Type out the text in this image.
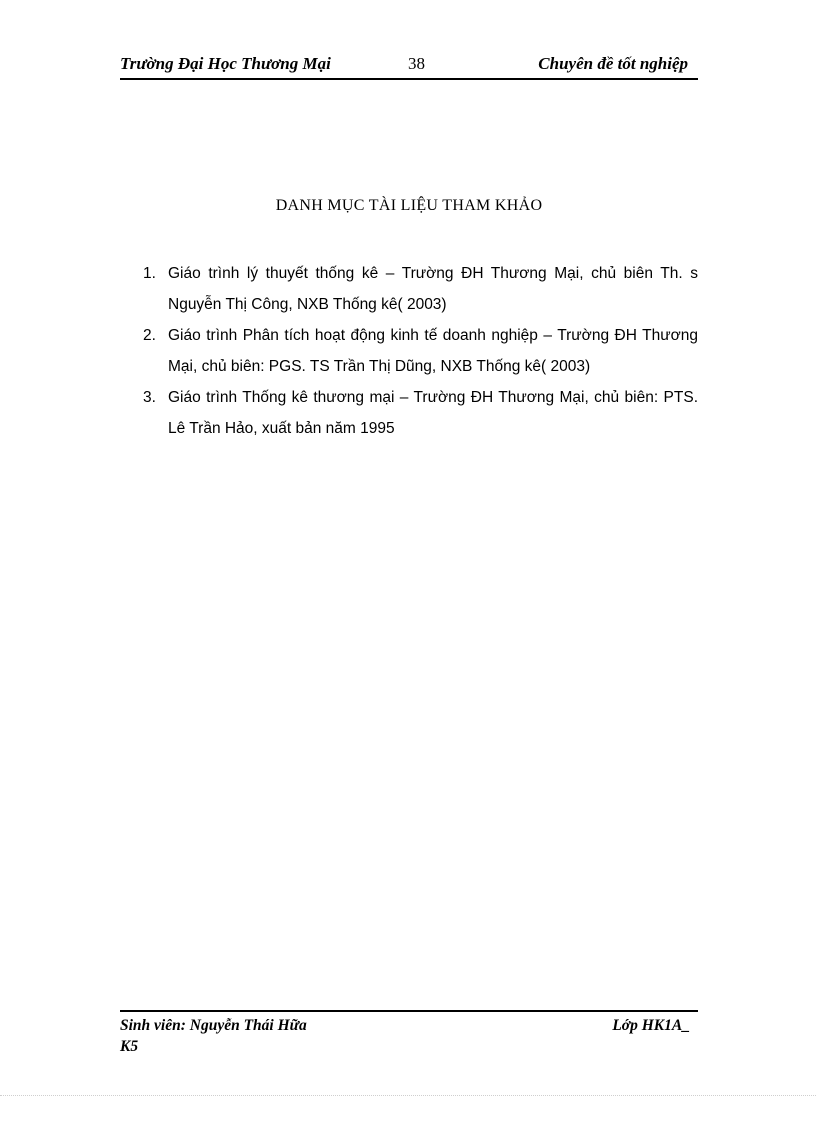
Trường Đại Học Thương Mại	38	Chuyên đề tốt nghiệp
DANH MỤC TÀI LIỆU THAM KHẢO
1. Giáo trình lý thuyết thống kê – Trường ĐH Thương Mại, chủ biên Th. s Nguyễn Thị Công, NXB Thống kê( 2003)
2. Giáo trình Phân tích hoạt động kinh tế doanh nghiệp – Trường ĐH Thương Mại, chủ biên: PGS. TS Trần Thị Dũng, NXB Thống kê( 2003)
3. Giáo trình Thống kê thương mại – Trường ĐH Thương Mại, chủ biên: PTS. Lê Trần Hảo, xuất bản năm 1995
Sinh viên: Nguyễn Thái Hữa	Lớp HK1A_
K5
